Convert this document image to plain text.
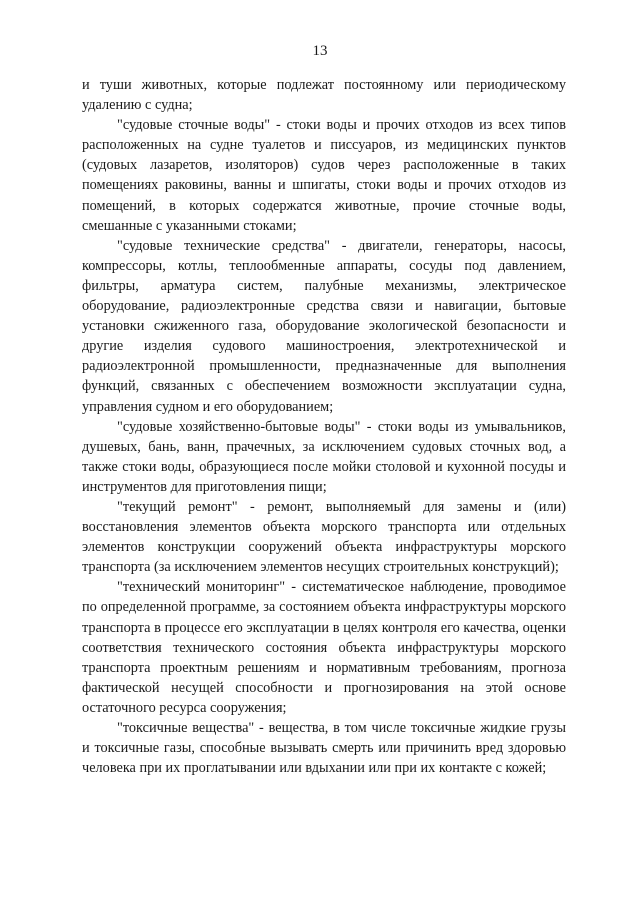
13

и туши животных, которые подлежат постоянному или периодическому удалению с судна;

"судовые сточные воды" - стоки воды и прочих отходов из всех типов расположенных на судне туалетов и писсуаров, из медицинских пунктов (судовых лазаретов, изоляторов) судов через расположенные в таких помещениях раковины, ванны и шпигаты, стоки воды и прочих отходов из помещений, в которых содержатся животные, прочие сточные воды, смешанные с указанными стоками;

"судовые технические средства" - двигатели, генераторы, насосы, компрессоры, котлы, теплообменные аппараты, сосуды под давлением, фильтры, арматура систем, палубные механизмы, электрическое оборудование, радиоэлектронные средства связи и навигации, бытовые установки сжиженного газа, оборудование экологической безопасности и другие изделия судового машиностроения, электротехнической и радиоэлектронной промышленности, предназначенные для выполнения функций, связанных с обеспечением возможности эксплуатации судна, управления судном и его оборудованием;

"судовые хозяйственно-бытовые воды" - стоки воды из умывальников, душевых, бань, ванн, прачечных, за исключением судовых сточных вод, а также стоки воды, образующиеся после мойки столовой и кухонной посуды и инструментов для приготовления пищи;

"текущий ремонт" - ремонт, выполняемый для замены и (или) восстановления элементов объекта морского транспорта или отдельных элементов конструкции сооружений объекта инфраструктуры морского транспорта (за исключением элементов несущих строительных конструкций);

"технический мониторинг" - систематическое наблюдение, проводимое по определенной программе, за состоянием объекта инфраструктуры морского транспорта в процессе его эксплуатации в целях контроля его качества, оценки соответствия технического состояния объекта инфраструктуры морского транспорта проектным решениям и нормативным требованиям, прогноза фактической несущей способности и прогнозирования на этой основе остаточного ресурса сооружения;

"токсичные вещества" - вещества, в том числе токсичные жидкие грузы и токсичные газы, способные вызывать смерть или причинить вред здоровью человека при их проглатывании или вдыхании или при их контакте с кожей;
